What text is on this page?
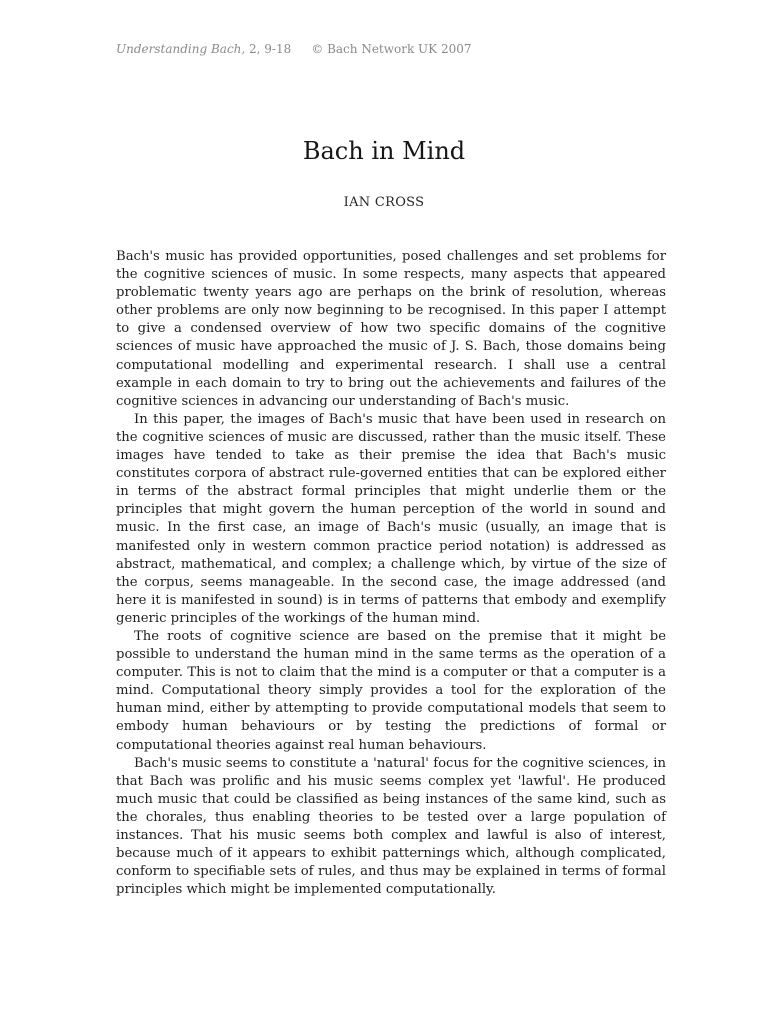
Understanding Bach, 2, 9-18 © Bach Network UK 2007
Bach in Mind
IAN CROSS

Bach's music has provided opportunities, posed challenges and set problems for the cognitive sciences of music. In some respects, many aspects that appeared problematic twenty years ago are perhaps on the brink of resolution, whereas other problems are only now beginning to be recognised. In this paper I attempt to give a condensed overview of how two specific domains of the cognitive sciences of music have approached the music of J. S. Bach, those domains being computational modelling and experimental research. I shall use a central example in each domain to try to bring out the achievements and failures of the cognitive sciences in advancing our understanding of Bach's music.

In this paper, the images of Bach's music that have been used in research on the cognitive sciences of music are discussed, rather than the music itself. These images have tended to take as their premise the idea that Bach's music constitutes corpora of abstract rule-governed entities that can be explored either in terms of the abstract formal principles that might underlie them or the principles that might govern the human perception of the world in sound and music. In the first case, an image of Bach's music (usually, an image that is manifested only in western common practice period notation) is addressed as abstract, mathematical, and complex; a challenge which, by virtue of the size of the corpus, seems manageable. In the second case, the image addressed (and here it is manifested in sound) is in terms of patterns that embody and exemplify generic principles of the workings of the human mind.

The roots of cognitive science are based on the premise that it might be possible to understand the human mind in the same terms as the operation of a computer. This is not to claim that the mind is a computer or that a computer is a mind. Computational theory simply provides a tool for the exploration of the human mind, either by attempting to provide computational models that seem to embody human behaviours or by testing the predictions of formal or computational theories against real human behaviours.

Bach's music seems to constitute a 'natural' focus for the cognitive sciences, in that Bach was prolific and his music seems complex yet 'lawful'. He produced much music that could be classified as being instances of the same kind, such as the chorales, thus enabling theories to be tested over a large population of instances. That his music seems both complex and lawful is also of interest, because much of it appears to exhibit patternings which, although complicated, conform to specifiable sets of rules, and thus may be explained in terms of formal principles which might be implemented computationally.
